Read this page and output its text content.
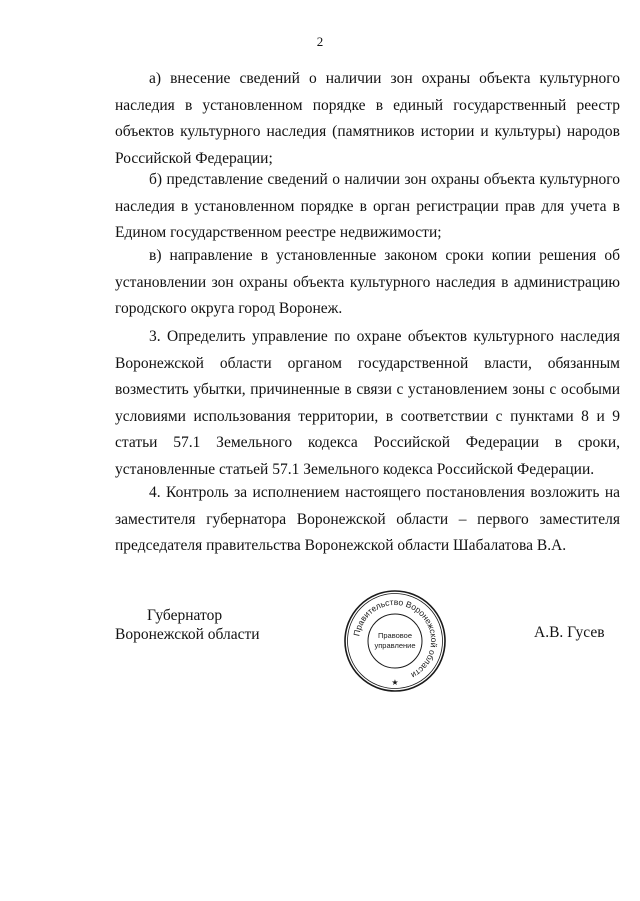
2

а) внесение сведений о наличии зон охраны объекта культурного наследия в установленном порядке в единый государственный реестр объектов культурного наследия (памятников истории и культуры) народов Российской Федерации;

б) представление сведений о наличии зон охраны объекта культурного наследия в установленном порядке в орган регистрации прав для учета в Едином государственном реестре недвижимости;

в) направление в установленные законом сроки копии решения об установлении зон охраны объекта культурного наследия в администрацию городского округа город Воронеж.

3. Определить управление по охране объектов культурного наследия Воронежской области органом государственной власти, обязанным возместить убытки, причиненные в связи с установлением зоны с особыми условиями использования территории, в соответствии с пунктами 8 и 9 статьи 57.1 Земельного кодекса Российской Федерации в сроки, установленные статьей 57.1 Земельного кодекса Российской Федерации.

4. Контроль за исполнением настоящего постановления возложить на заместителя губернатора Воронежской области – первого заместителя председателя правительства Воронежской области Шабалатова В.А.

Губернатор
Воронежской области	Правительство Воронежской области
Правовое
управление
★
А.В. Гусев
